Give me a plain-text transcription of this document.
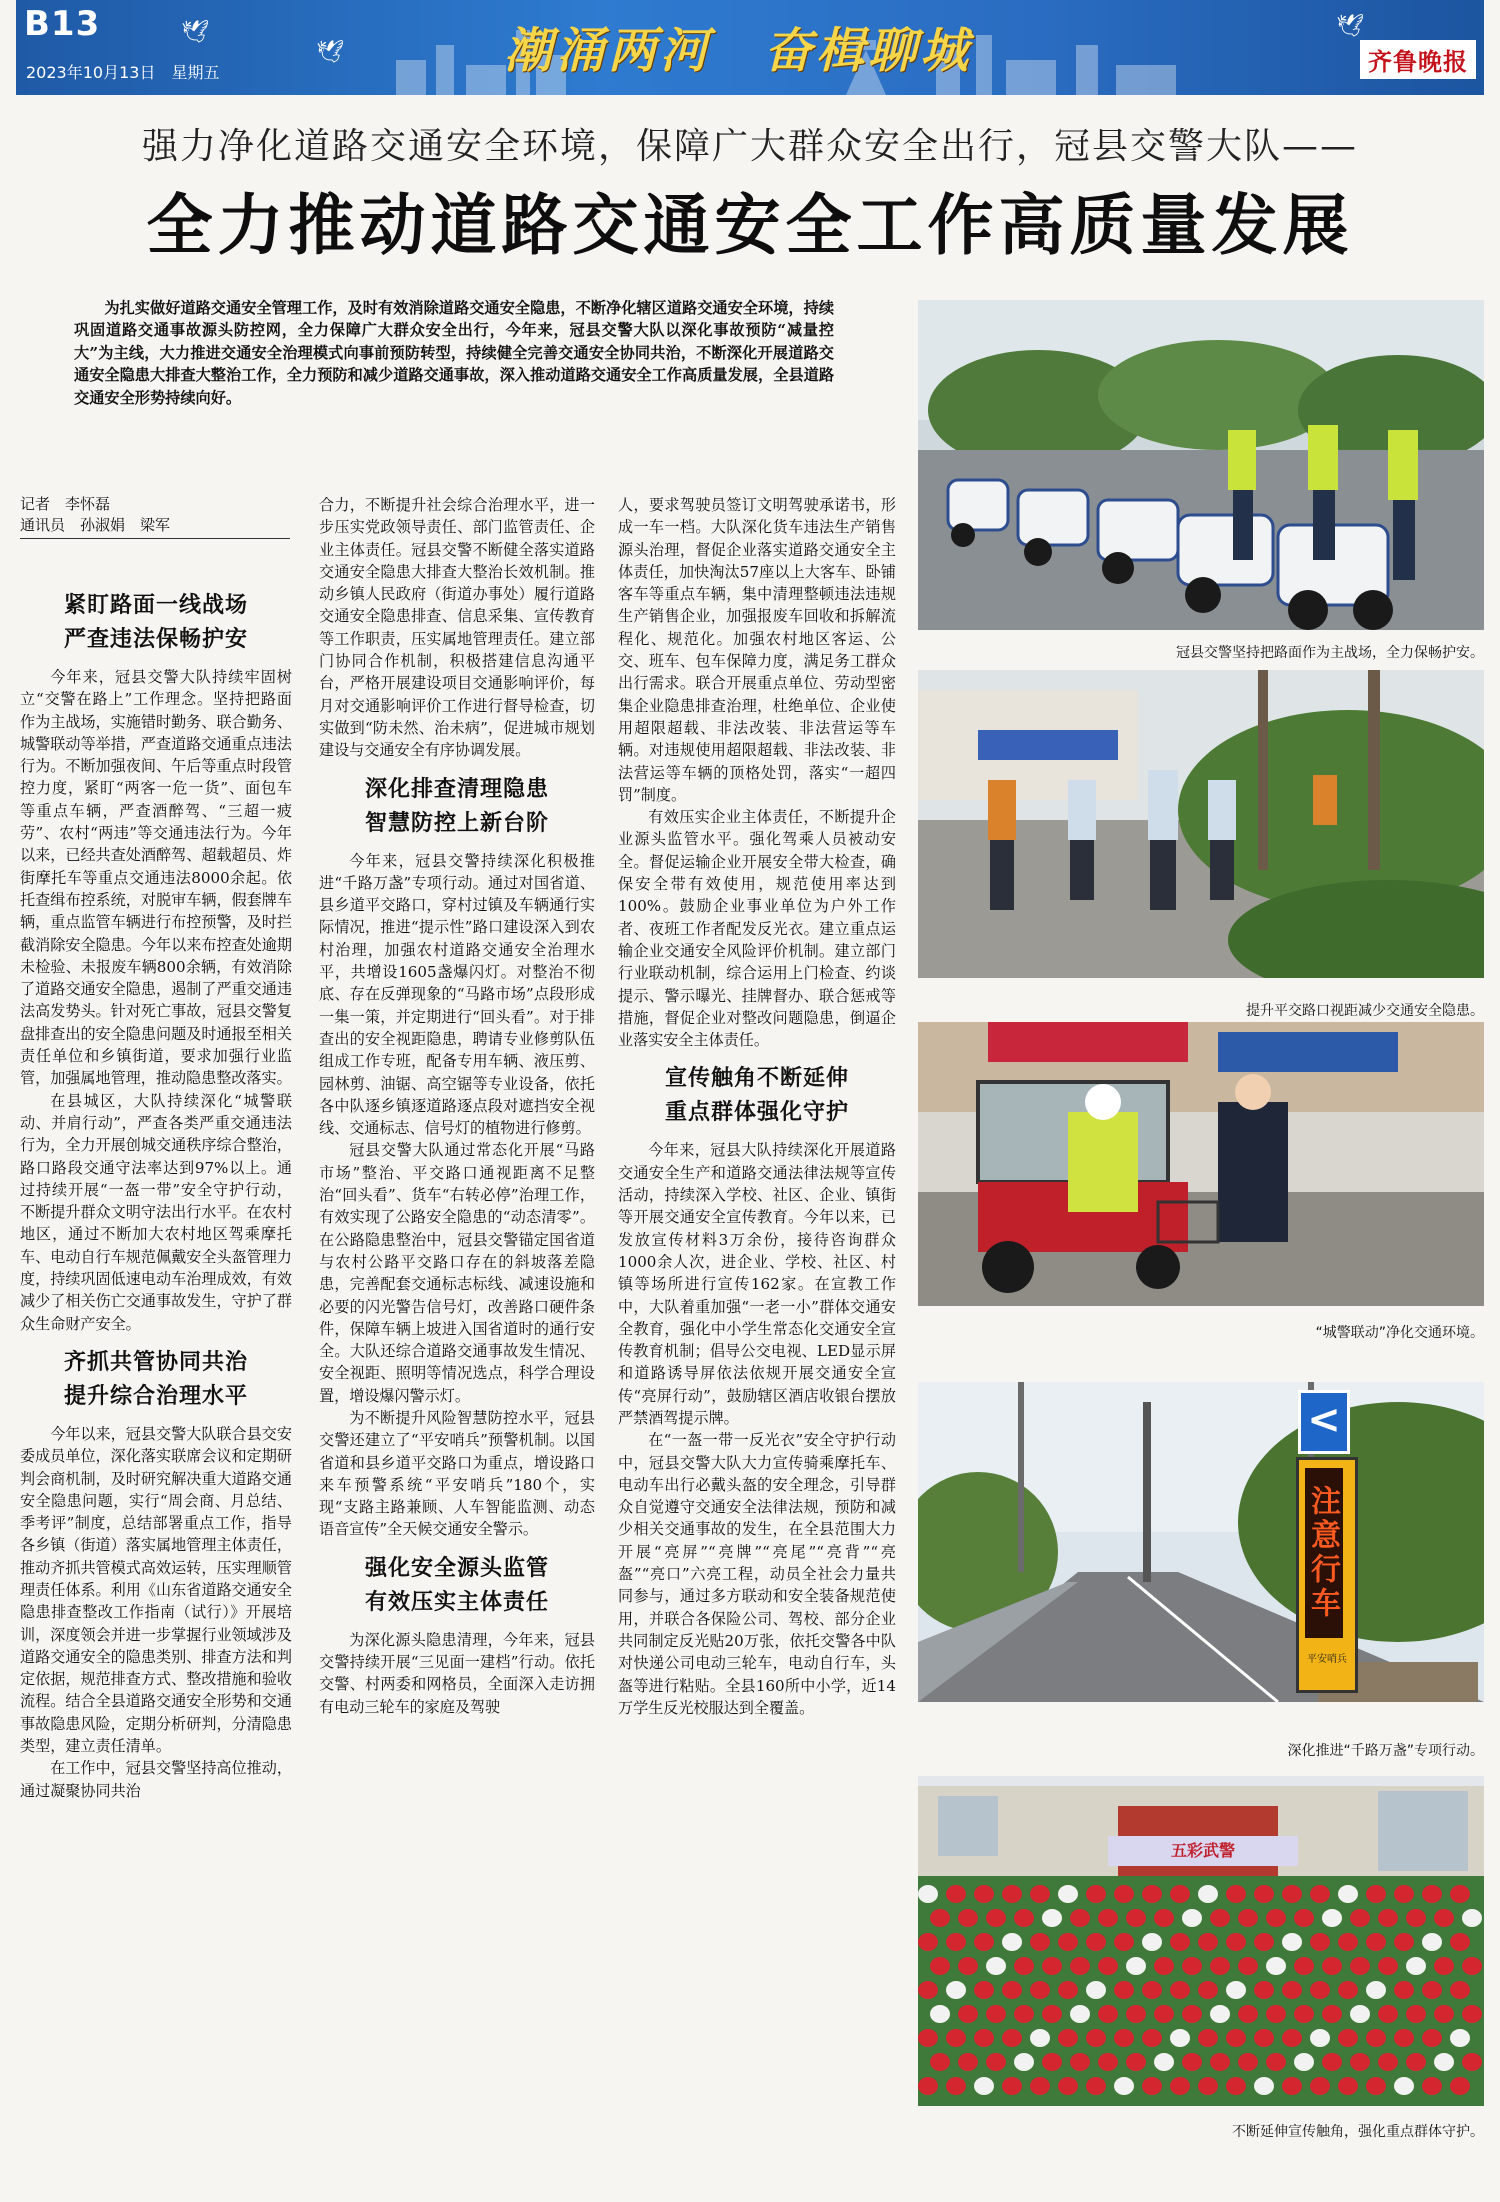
B13
2023年10月13日　星期五
🕊
🕊
🕊
潮涌两河　奋楫聊城	齐鲁晚报
强力净化道路交通安全环境，保障广大群众安全出行，冠县交警大队——
全力推动道路交通安全工作高质量发展
为扎实做好道路交通安全管理工作，及时有效消除道路交通安全隐患，不断净化辖区道路交通安全环境，持续巩固道路交通事故源头防控网，全力保障广大群众安全出行，今年来，冠县交警大队以深化事故预防“减量控大”为主线，大力推进交通安全治理模式向事前预防转型，持续健全完善交通安全协同共治，不断深化开展道路交通安全隐患大排查大整治工作，全力预防和减少道路交通事故，深入推动道路交通安全工作高质量发展，全县道路交通安全形势持续向好。
记者　李怀磊
通讯员　孙淑娟　梁军

紧盯路面一线战场
严查违法保畅护安

今年来，冠县交警大队持续牢固树立“交警在路上”工作理念。坚持把路面作为主战场，实施错时勤务、联合勤务、城警联动等举措，严查道路交通重点违法行为。不断加强夜间、午后等重点时段管控力度，紧盯“两客一危一货”、面包车等重点车辆，严查酒醉驾、“三超一疲劳”、农村“两违”等交通违法行为。今年以来，已经共查处酒醉驾、超载超员、炸街摩托车等重点交通违法8000余起。依托查缉布控系统，对脱审车辆，假套牌车辆，重点监管车辆进行布控预警，及时拦截消除安全隐患。今年以来布控查处逾期未检验、未报废车辆800余辆，有效消除了道路交通安全隐患，遏制了严重交通违法高发势头。针对死亡事故，冠县交警复盘排查出的安全隐患问题及时通报至相关责任单位和乡镇街道，要求加强行业监管，加强属地管理，推动隐患整改落实。

在县城区，大队持续深化“城警联动、并肩行动”，严查各类严重交通违法行为，全力开展创城交通秩序综合整治，路口路段交通守法率达到97%以上。通过持续开展“一盔一带”安全守护行动，不断提升群众文明守法出行水平。在农村地区，通过不断加大农村地区驾乘摩托车、电动自行车规范佩戴安全头盔管理力度，持续巩固低速电动车治理成效，有效减少了相关伤亡交通事故发生，守护了群众生命财产安全。

齐抓共管协同共治
提升综合治理水平

今年以来，冠县交警大队联合县交安委成员单位，深化落实联席会议和定期研判会商机制，及时研究解决重大道路交通安全隐患问题，实行“周会商、月总结、季考评”制度，总结部署重点工作，指导各乡镇（街道）落实属地管理主体责任，推动齐抓共管模式高效运转，压实理顺管理责任体系。利用《山东省道路交通安全隐患排查整改工作指南（试行）》开展培训，深度领会并进一步掌握行业领域涉及道路交通安全的隐患类别、排查方法和判定依据，规范排查方式、整改措施和验收流程。结合全县道路交通安全形势和交通事故隐患风险，定期分析研判，分清隐患类型，建立责任清单。

在工作中，冠县交警坚持高位推动，通过凝聚协同共治

合力，不断提升社会综合治理水平，进一步压实党政领导责任、部门监管责任、企业主体责任。冠县交警不断健全落实道路交通安全隐患大排查大整治长效机制。推动乡镇人民政府（街道办事处）履行道路交通安全隐患排查、信息采集、宣传教育等工作职责，压实属地管理责任。建立部门协同合作机制，积极搭建信息沟通平台，严格开展建设项目交通影响评价，每月对交通影响评价工作进行督导检查，切实做到“防未然、治未病”，促进城市规划建设与交通安全有序协调发展。

深化排查清理隐患
智慧防控上新台阶

今年来，冠县交警持续深化积极推进“千路万盏”专项行动。通过对国省道、县乡道平交路口，穿村过镇及车辆通行实际情况，推进“提示性”路口建设深入到农村治理，加强农村道路交通安全治理水平，共增设1605盏爆闪灯。对整治不彻底、存在反弹现象的“马路市场”点段形成一集一策，并定期进行“回头看”。对于排查出的安全视距隐患，聘请专业修剪队伍组成工作专班，配备专用车辆、液压剪、园林剪、油锯、高空锯等专业设备，依托各中队逐乡镇逐道路逐点段对遮挡安全视线、交通标志、信号灯的植物进行修剪。

冠县交警大队通过常态化开展“马路市场”整治、平交路口通视距离不足整治“回头看”、货车“右转必停”治理工作，有效实现了公路安全隐患的“动态清零”。在公路隐患整治中，冠县交警锚定国省道与农村公路平交路口存在的斜坡落差隐患，完善配套交通标志标线、减速设施和必要的闪光警告信号灯，改善路口硬件条件，保障车辆上坡进入国省道时的通行安全。大队还综合道路交通事故发生情况、安全视距、照明等情况选点，科学合理设置，增设爆闪警示灯。

为不断提升风险智慧防控水平，冠县交警还建立了“平安哨兵”预警机制。以国省道和县乡道平交路口为重点，增设路口来车预警系统“平安哨兵”180个，实现“支路主路兼顾、人车智能监测、动态语音宣传”全天候交通安全警示。

强化安全源头监管
有效压实主体责任

为深化源头隐患清理，今年来，冠县交警持续开展“三见面一建档”行动。依托交警、村两委和网格员，全面深入走访拥有电动三轮车的家庭及驾驶

人，要求驾驶员签订文明驾驶承诺书，形成一车一档。大队深化货车违法生产销售源头治理，督促企业落实道路交通安全主体责任，加快淘汰57座以上大客车、卧铺客车等重点车辆，集中清理整顿违法违规生产销售企业，加强报废车回收和拆解流程化、规范化。加强农村地区客运、公交、班车、包车保障力度，满足务工群众出行需求。联合开展重点单位、劳动型密集企业隐患排查治理，杜绝单位、企业使用超限超载、非法改装、非法营运等车辆。对违规使用超限超载、非法改装、非法营运等车辆的顶格处罚，落实“一超四罚”制度。

有效压实企业主体责任，不断提升企业源头监管水平。强化驾乘人员被动安全。督促运输企业开展安全带大检查，确保安全带有效使用，规范使用率达到100%。鼓励企业事业单位为户外工作者、夜班工作者配发反光衣。建立重点运输企业交通安全风险评价机制。建立部门行业联动机制，综合运用上门检查、约谈提示、警示曝光、挂牌督办、联合惩戒等措施，督促企业对整改问题隐患，倒逼企业落实安全主体责任。

宣传触角不断延伸
重点群体强化守护

今年来，冠县大队持续深化开展道路交通安全生产和道路交通法律法规等宣传活动，持续深入学校、社区、企业、镇街等开展交通安全宣传教育。今年以来，已发放宣传材料3万余份，接待咨询群众1000余人次，进企业、学校、社区、村镇等场所进行宣传162家。在宣教工作中，大队着重加强“一老一小”群体交通安全教育，强化中小学生常态化交通安全宣传教育机制；倡导公交电视、LED显示屏和道路诱导屏依法依规开展交通安全宣传“亮屏行动”，鼓励辖区酒店收银台摆放严禁酒驾提示牌。

在“一盔一带一反光衣”安全守护行动中，冠县交警大队大力宣传骑乘摩托车、电动车出行必戴头盔的安全理念，引导群众自觉遵守交通安全法律法规，预防和减少相关交通事故的发生，在全县范围大力开展“亮屏”“亮牌”“亮尾”“亮背”“亮盔”“亮口”六亮工程，动员全社会力量共同参与，通过多方联动和安全装备规范使用，并联合各保险公司、驾校、部分企业共同制定反光贴20万张，依托交警各中队对快递公司电动三轮车，电动自行车，头盔等进行粘贴。全县160所中小学，近14万学生反光校服达到全覆盖。

冠县交警坚持把路面作为主战场，全力保畅护安。
提升平交路口视距减少交通安全隐患。
“城警联动”净化交通环境。
<
注意行车
平安哨兵
深化推进“千路万盏”专项行动。
五彩武警
不断延伸宣传触角，强化重点群体守护。
